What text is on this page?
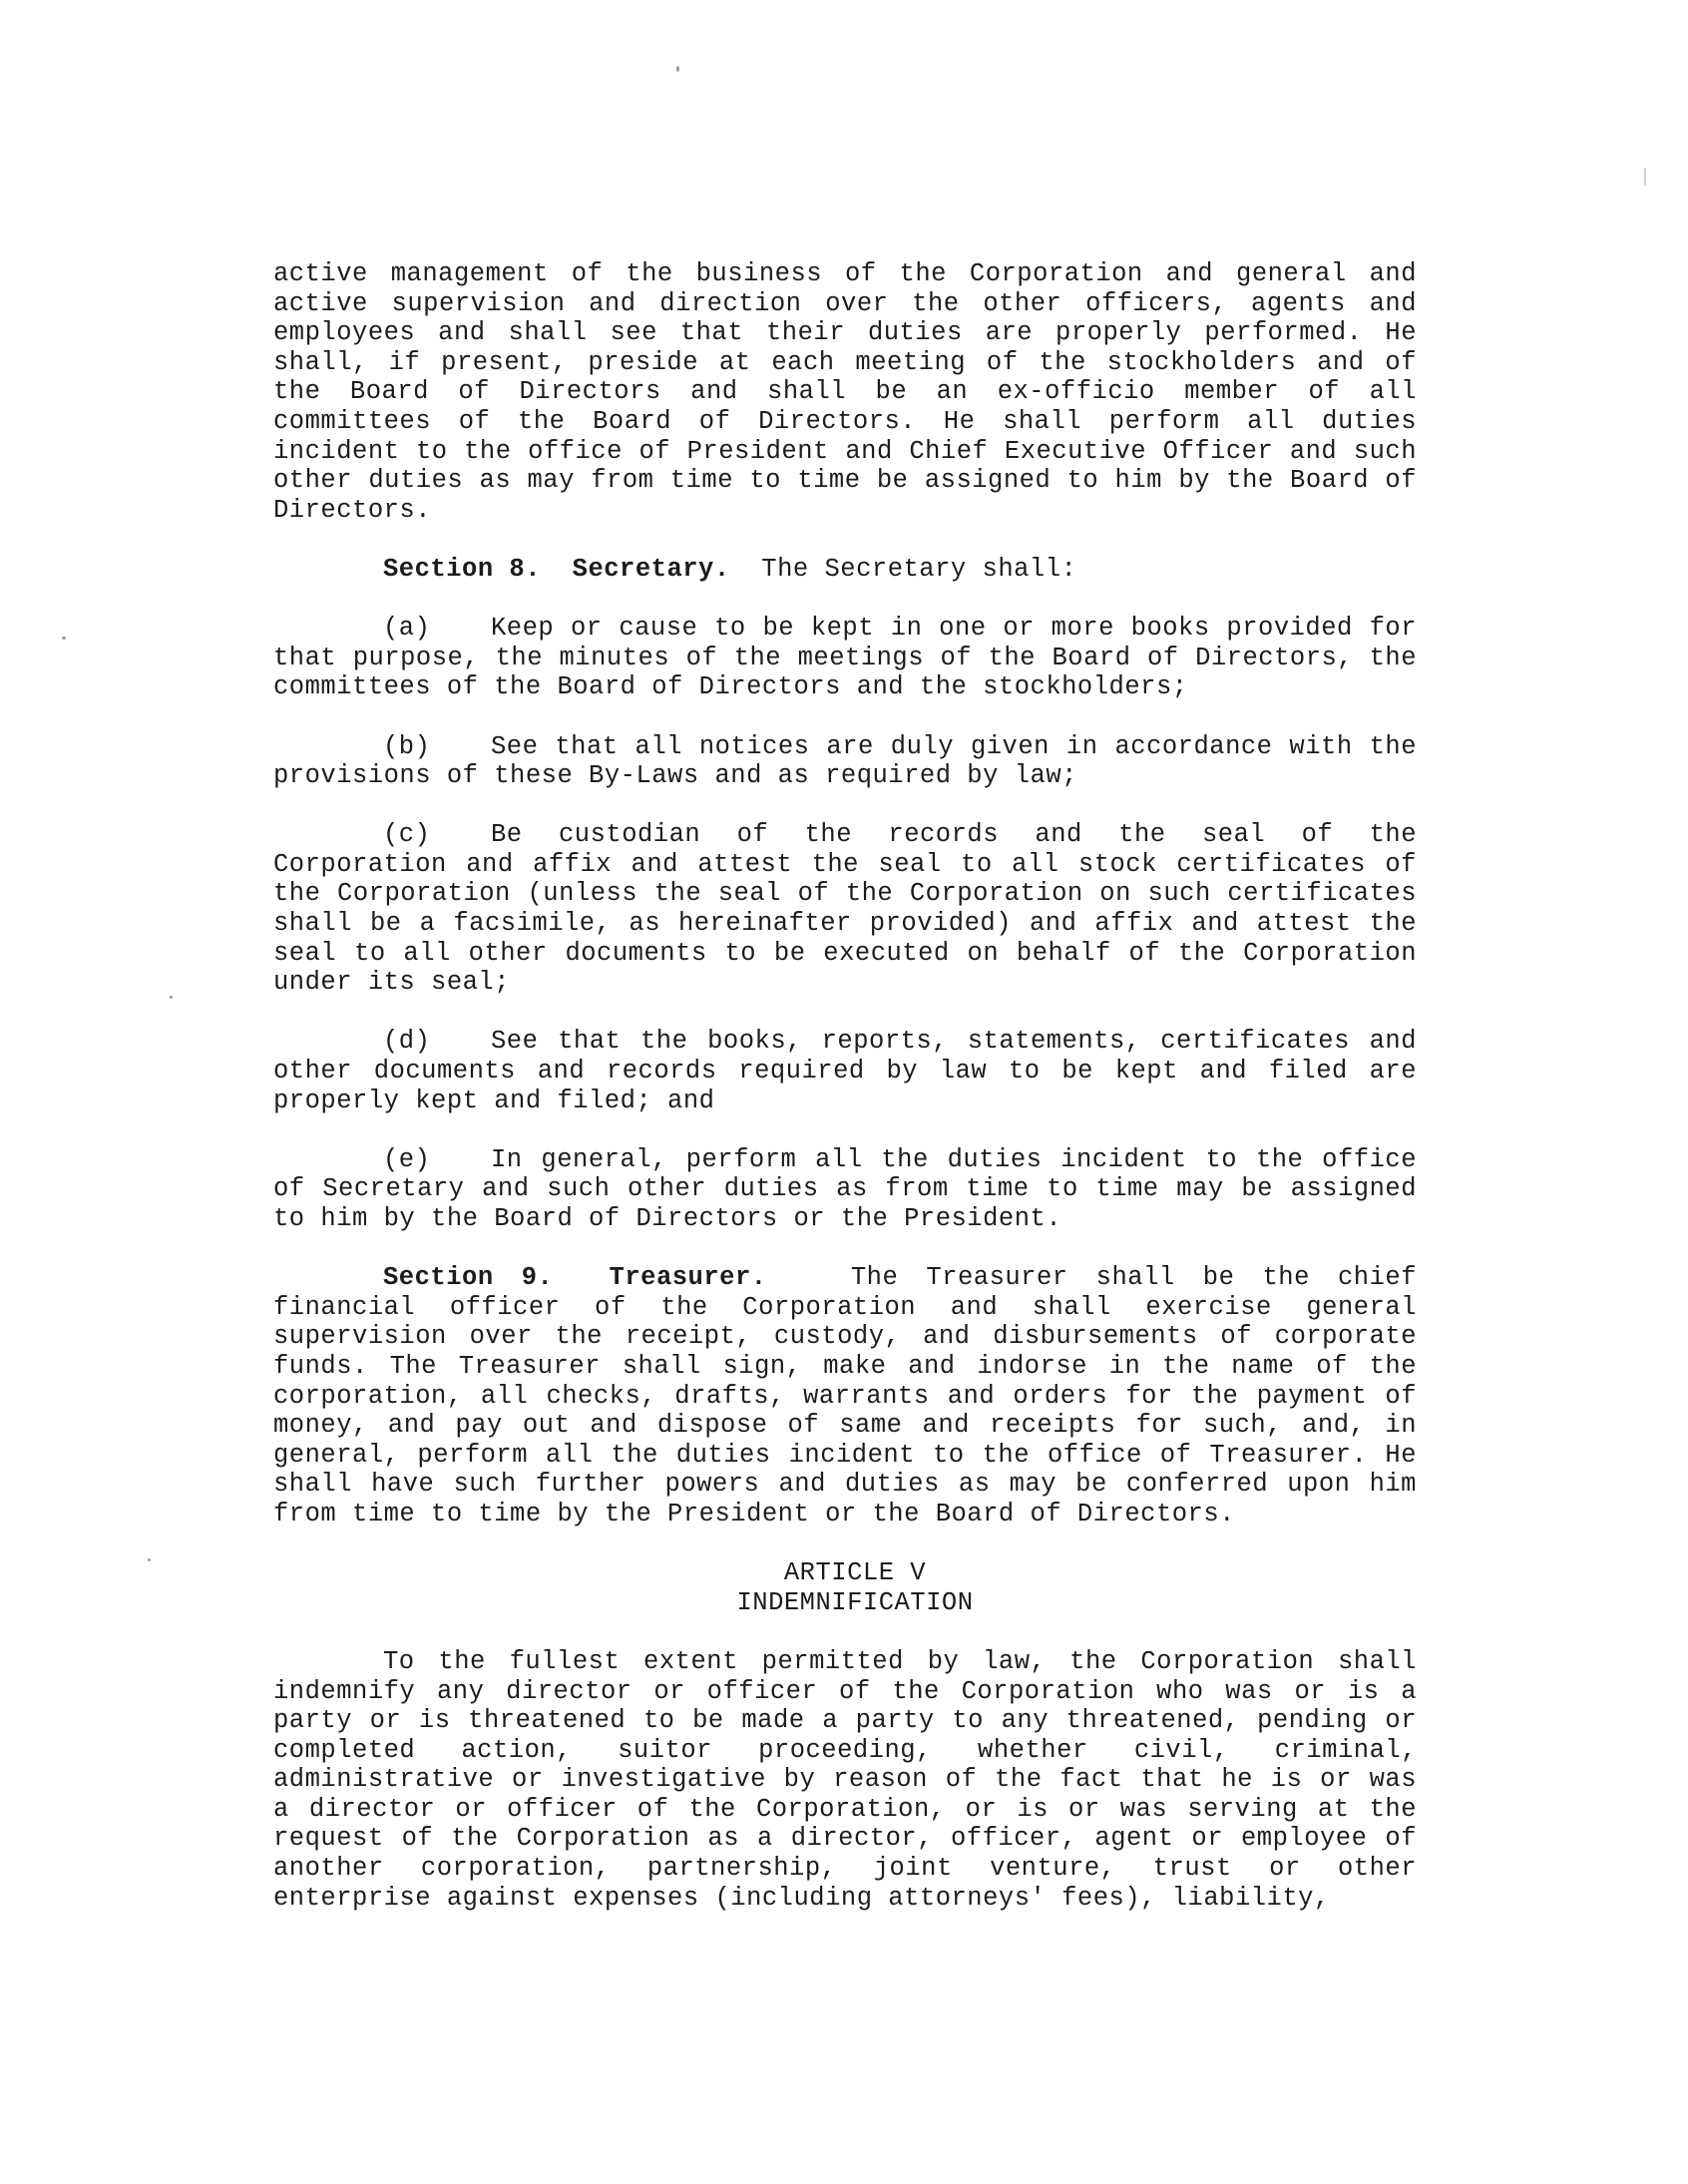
active management of the business of the Corporation and general and active supervision and direction over the other officers, agents and employees and shall see that their duties are properly performed. He shall, if present, preside at each meeting of the stockholders and of the Board of Directors and shall be an ex-officio member of all committees of the Board of Directors. He shall perform all duties incident to the office of President and Chief Executive Officer and such other duties as may from time to time be assigned to him by the Board of Directors.

Section 8. Secretary. The Secretary shall:

(a) Keep or cause to be kept in one or more books provided for that purpose, the minutes of the meetings of the Board of Directors, the committees of the Board of Directors and the stockholders;

(b) See that all notices are duly given in accordance with the provisions of these By-Laws and as required by law;

(c) Be custodian of the records and the seal of the Corporation and affix and attest the seal to all stock certificates of the Corporation (unless the seal of the Corporation on such certificates shall be a facsimile, as hereinafter provided) and affix and attest the seal to all other documents to be executed on behalf of the Corporation under its seal;

(d) See that the books, reports, statements, certificates and other documents and records required by law to be kept and filed are properly kept and filed; and

(e) In general, perform all the duties incident to the office of Secretary and such other duties as from time to time may be assigned to him by the Board of Directors or the President.

Section 9. Treasurer.	The Treasurer shall be the chief financial officer of the Corporation and shall exercise general supervision over the receipt, custody, and disbursements of corporate funds. The Treasurer shall sign, make and indorse in the name of the corporation, all checks, drafts, warrants and orders for the payment of money, and pay out and dispose of same and receipts for such, and, in general, perform all the duties incident to the office of Treasurer. He shall have such further powers and duties as may be conferred upon him from time to time by the President or the Board of Directors.

ARTICLE V

INDEMNIFICATION

To the fullest extent permitted by law, the Corporation shall indemnify any director or officer of the Corporation who was or is a party or is threatened to be made a party to any threatened, pending or completed action, suitor proceeding, whether civil, criminal, administrative or investigative by reason of the fact that he is or was a director or officer of the Corporation, or is or was serving at the request of the Corporation as a director, officer, agent or employee of another corporation, partnership, joint venture, trust or other enterprise against expenses (including attorneys' fees), liability,
